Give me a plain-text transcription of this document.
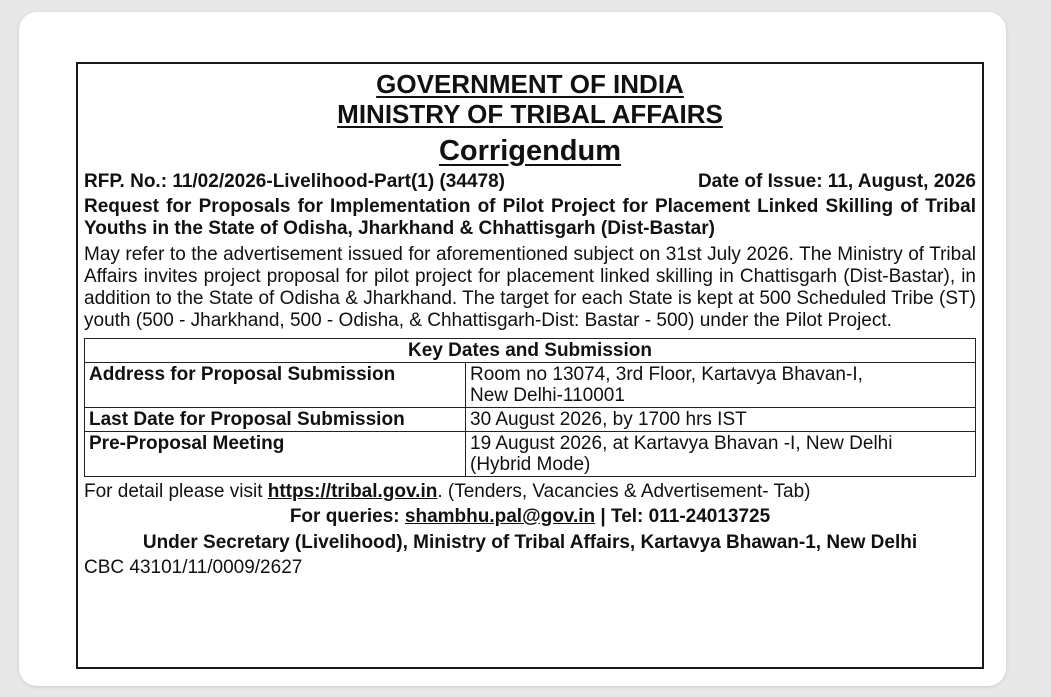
GOVERNMENT OF INDIA
MINISTRY OF TRIBAL AFFAIRS
Corrigendum
RFP. No.: 11/02/2026-Livelihood-Part(1) (34478)	Date of Issue: 11, August, 2026
Request for Proposals for Implementation of Pilot Project for Placement Linked Skilling of Tribal Youths in the State of Odisha, Jharkhand & Chhattisgarh (Dist-Bastar)
May refer to the advertisement issued for aforementioned subject on 31st July 2026. The Ministry of Tribal Affairs invites project proposal for pilot project for placement linked skilling in Chattisgarh (Dist-Bastar), in addition to the State of Odisha & Jharkhand. The target for each State is kept at 500 Scheduled Tribe (ST) youth (500 - Jharkhand, 500 - Odisha, & Chhattisgarh-Dist: Bastar - 500) under the Pilot Project.
Key Dates and Submission	
Address for Proposal Submission	Room no 13074, 3rd Floor, Kartavya Bhavan-I,
New Delhi-110001

Last Date for Proposal Submission	30 August 2026, by 1700 hrs IST

Pre-Proposal Meeting	19 August 2026, at Kartavya Bhavan -I, New Delhi
(Hybrid Mode)
For detail please visit https://tribal.gov.in. (Tenders, Vacancies & Advertisement- Tab)
For queries: shambhu.pal@gov.in | Tel: 011-24013725
Under Secretary (Livelihood), Ministry of Tribal Affairs, Kartavya Bhawan-1, New Delhi
CBC 43101/11/0009/2627
